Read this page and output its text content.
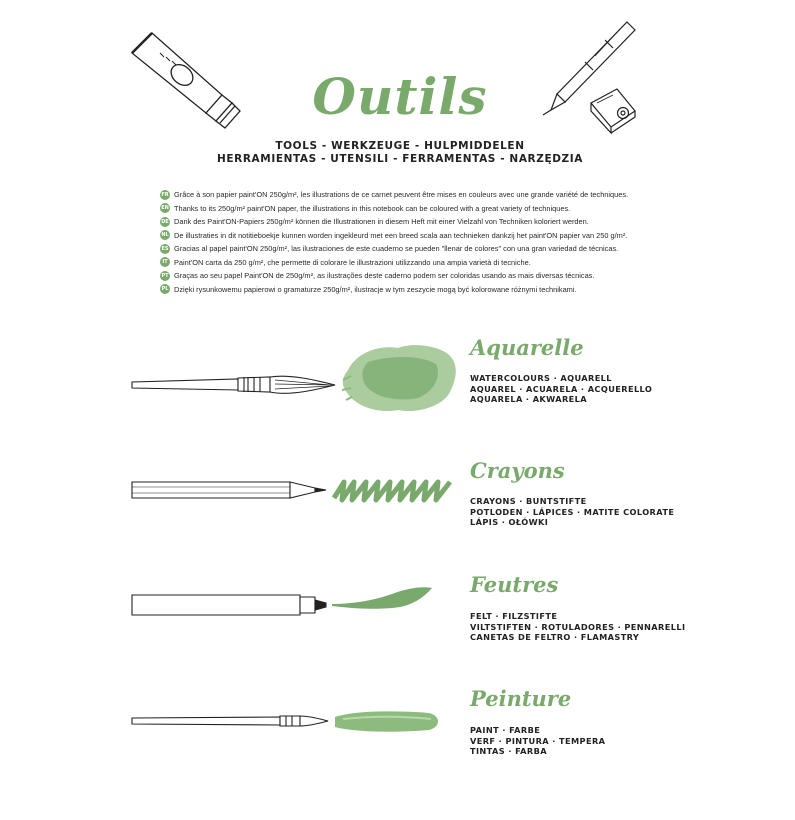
Outils
TOOLS - WERKZEUGE - HULPMIDDELEN
HERRAMIENTAS - UTENSILI - FERRAMENTAS - NARZĘDZIA
FR Grâce à son papier paint'ON 250g/m², les illustrations de ce carnet peuvent être mises en couleurs avec une grande variété de techniques.
EN Thanks to its 250g/m² paint'ON paper, the illustrations in this notebook can be coloured with a great variety of techniques.
DE Dank des Paint'ON-Papiers 250g/m² können die Illustrationen in diesem Heft mit einer Vielzahl von Techniken koloriert werden.
NL De illustraties in dit notitieboekje kunnen worden ingekleurd met een breed scala aan technieken dankzij het paint'ON papier van 250 g/m².
ES Gracias al papel paint'ON 250g/m², las ilustraciones de este cuaderno se pueden "llenar de colores" con una gran variedad de técnicas.
IT Paint'ON carta da 250 g/m², che permette di colorare le illustrazioni utilizzando una ampia varietà di tecniche.
PT Graças ao seu papel Paint'ON de 250g/m², as ilustrações deste caderno podem ser coloridas usando as mais diversas técnicas.
PL Dzięki rysunkowemu papierowi o gramaturze 250g/m², ilustracje w tym zeszycie mogą być kolorowane różnymi technikami.
Aquarelle
WATERCOLOURS · AQUARELL
AQUAREL · ACUARELA · ACQUERELLO
AQUARELA · AKWARELA
Crayons
CRAYONS · BUNTSTIFTE
POTLODEN · LÁPICES · MATITE COLORATE
LÁPIS · OŁÓWKI
Feutres
FELT · FILZSTIFTE
VILTSTIFTEN · ROTULADORES · PENNARELLI
CANETAS DE FELTRO · FLAMASTRY
Peinture
PAINT · FARBE
VERF · PINTURA · TEMPERA
TINTAS · FARBA
